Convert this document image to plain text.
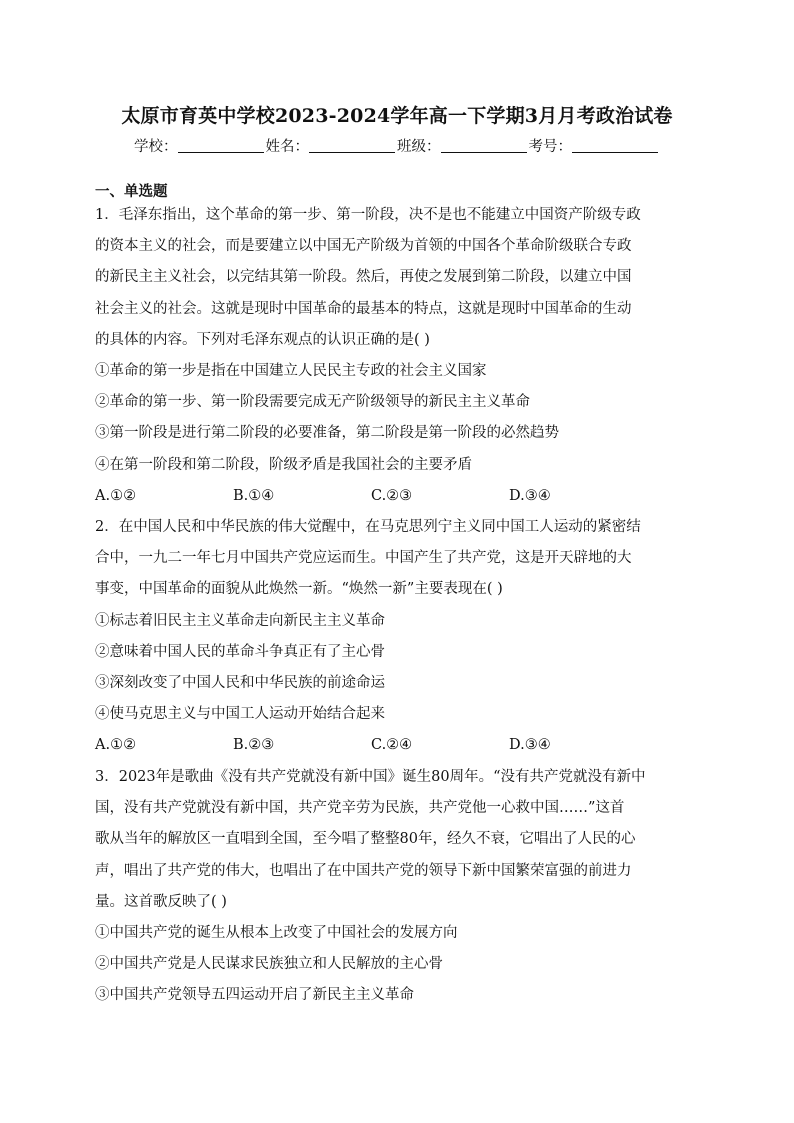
太原市育英中学校2023-2024学年高一下学期3月月考政治试卷
学校：	姓名：	班级：	考号：
一、单选题
1．毛泽东指出，这个革命的第一步、第一阶段，决不是也不能建立中国资产阶级专政
的资本主义的社会，而是要建立以中国无产阶级为首领的中国各个革命阶级联合专政
的新民主主义社会，以完结其第一阶段。然后，再使之发展到第二阶段，以建立中国
社会主义的社会。这就是现时中国革命的最基本的特点，这就是现时中国革命的生动
的具体的内容。下列对毛泽东观点的认识正确的是( )
①革命的第一步是指在中国建立人民民主专政的社会主义国家
②革命的第一步、第一阶段需要完成无产阶级领导的新民主主义革命
③第一阶段是进行第二阶段的必要准备，第二阶段是第一阶段的必然趋势
④在第一阶段和第二阶段，阶级矛盾是我国社会的主要矛盾
A.①②	B.①④	C.②③	D.③④
2．在中国人民和中华民族的伟大觉醒中，在马克思列宁主义同中国工人运动的紧密结
合中，一九二一年七月中国共产党应运而生。中国产生了共产党，这是开天辟地的大
事变，中国革命的面貌从此焕然一新。“焕然一新”主要表现在( )
①标志着旧民主主义革命走向新民主主义革命
②意味着中国人民的革命斗争真正有了主心骨
③深刻改变了中国人民和中华民族的前途命运
④使马克思主义与中国工人运动开始结合起来
A.①②	B.②③	C.②④	D.③④
3．2023年是歌曲《没有共产党就没有新中国》诞生80周年。“没有共产党就没有新中
国，没有共产党就没有新中国，共产党辛劳为民族，共产党他一心救中国……”这首
歌从当年的解放区一直唱到全国，至今唱了整整80年，经久不衰，它唱出了人民的心
声，唱出了共产党的伟大，也唱出了在中国共产党的领导下新中国繁荣富强的前进力
量。这首歌反映了( )
①中国共产党的诞生从根本上改变了中国社会的发展方向
②中国共产党是人民谋求民族独立和人民解放的主心骨
③中国共产党领导五四运动开启了新民主主义革命
